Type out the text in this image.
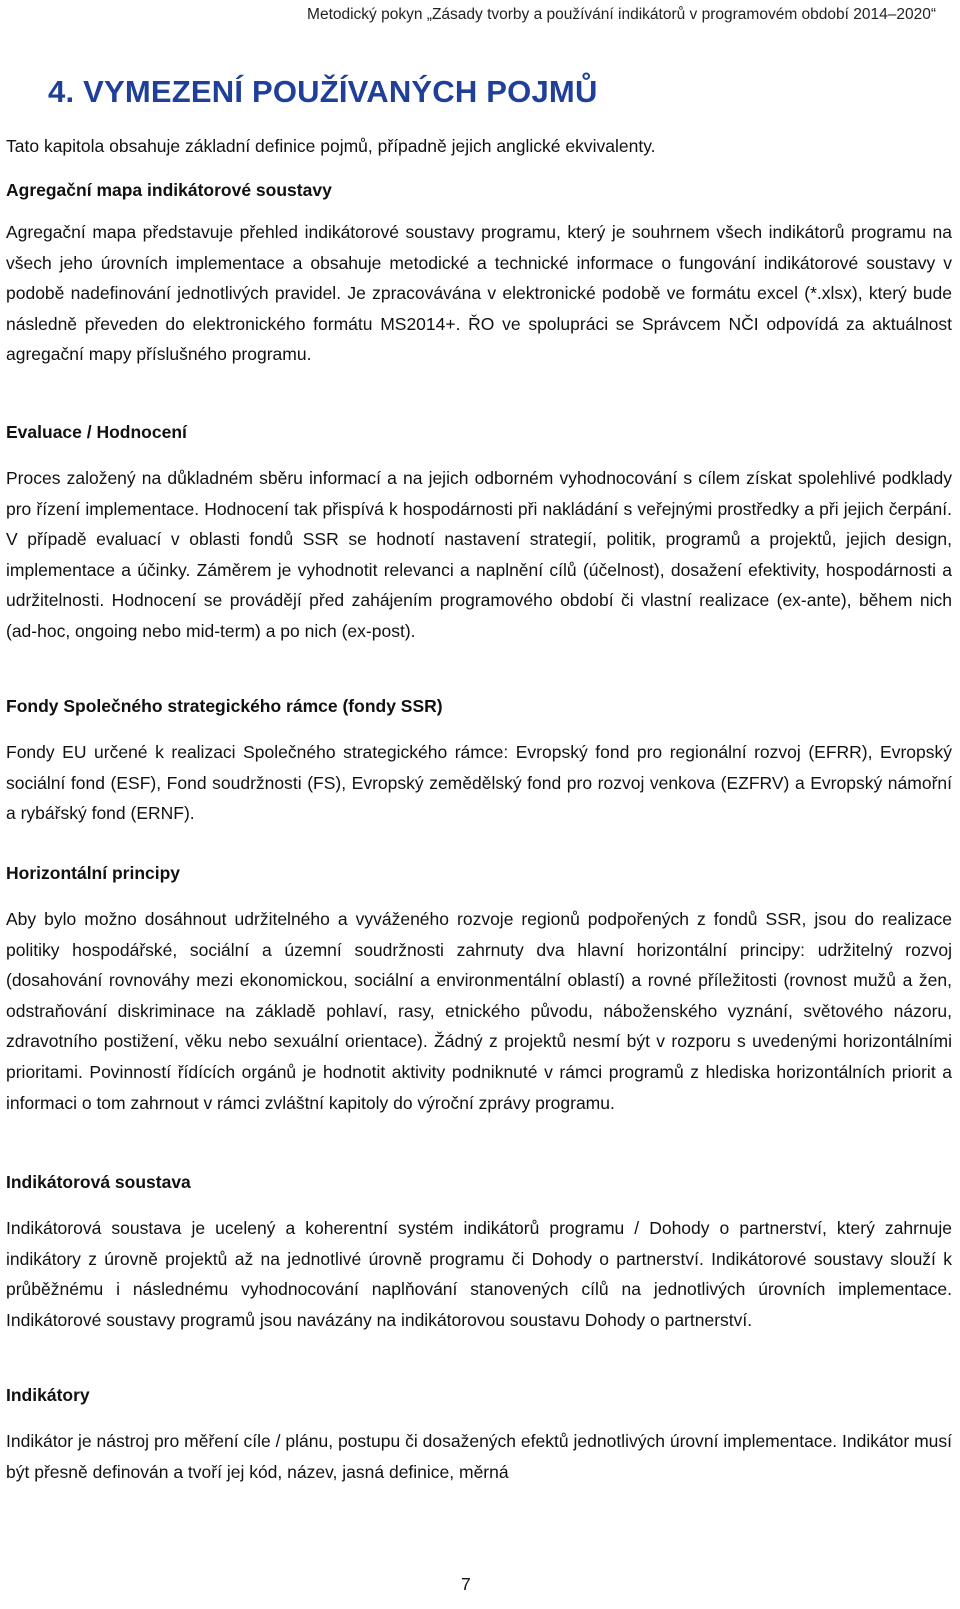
Metodický pokyn „Zásady tvorby a používání indikátorů v programovém období 2014–2020“
4. VYMEZENÍ POUŽÍVANÝCH POJMŮ

Tato kapitola obsahuje základní definice pojmů, případně jejich anglické ekvivalenty.

Agregační mapa indikátorové soustavy

Agregační mapa představuje přehled indikátorové soustavy programu, který je souhrnem všech indikátorů programu na všech jeho úrovních implementace a obsahuje metodické a technické informace o fungování indikátorové soustavy v podobě nadefinování jednotlivých pravidel. Je zpracovávána v elektronické podobě ve formátu excel (*.xlsx), který bude následně převeden do elektronického formátu MS2014+. ŘO ve spolupráci se Správcem NČI odpovídá za aktuálnost agregační mapy příslušného programu.

Evaluace / Hodnocení

Proces založený na důkladném sběru informací a na jejich odborném vyhodnocování s cílem získat spolehlivé podklady pro řízení implementace. Hodnocení tak přispívá k hospodárnosti při nakládání s veřejnými prostředky a při jejich čerpání. V případě evaluací v oblasti fondů SSR se hodnotí nastavení strategií, politik, programů a projektů, jejich design, implementace a účinky. Záměrem je vyhodnotit relevanci a naplnění cílů (účelnost), dosažení efektivity, hospodárnosti a udržitelnosti. Hodnocení se provádějí před zahájením programového období či vlastní realizace (ex-ante), během nich (ad-hoc, ongoing nebo mid-term) a po nich (ex-post).

Fondy Společného strategického rámce (fondy SSR)

Fondy EU určené k realizaci Společného strategického rámce: Evropský fond pro regionální rozvoj (EFRR), Evropský sociální fond (ESF), Fond soudržnosti (FS), Evropský zemědělský fond pro rozvoj venkova (EZFRV) a Evropský námořní a rybářský fond (ERNF).

Horizontální principy

Aby bylo možno dosáhnout udržitelného a vyváženého rozvoje regionů podpořených z fondů SSR, jsou do realizace politiky hospodářské, sociální a územní soudržnosti zahrnuty dva hlavní horizontální principy: udržitelný rozvoj (dosahování rovnováhy mezi ekonomickou, sociální a environmentální oblastí) a rovné příležitosti (rovnost mužů a žen, odstraňování diskriminace na základě pohlaví, rasy, etnického původu, náboženského vyznání, světového názoru, zdravotního postižení, věku nebo sexuální orientace). Žádný z projektů nesmí být v rozporu s uvedenými horizontálními prioritami. Povinností řídících orgánů je hodnotit aktivity podniknuté v rámci programů z hlediska horizontálních priorit a informaci o tom zahrnout v rámci zvláštní kapitoly do výroční zprávy programu.

Indikátorová soustava

Indikátorová soustava je ucelený a koherentní systém indikátorů programu / Dohody o partnerství, který zahrnuje indikátory z úrovně projektů až na jednotlivé úrovně programu či Dohody o partnerství. Indikátorové soustavy slouží k průběžnému i následnému vyhodnocování naplňování stanovených cílů na jednotlivých úrovních implementace. Indikátorové soustavy programů jsou navázány na indikátorovou soustavu Dohody o partnerství.

Indikátory

Indikátor je nástroj pro měření cíle / plánu, postupu či dosažených efektů jednotlivých úrovní implementace. Indikátor musí být přesně definován a tvoří jej kód, název, jasná definice, měrná

7
